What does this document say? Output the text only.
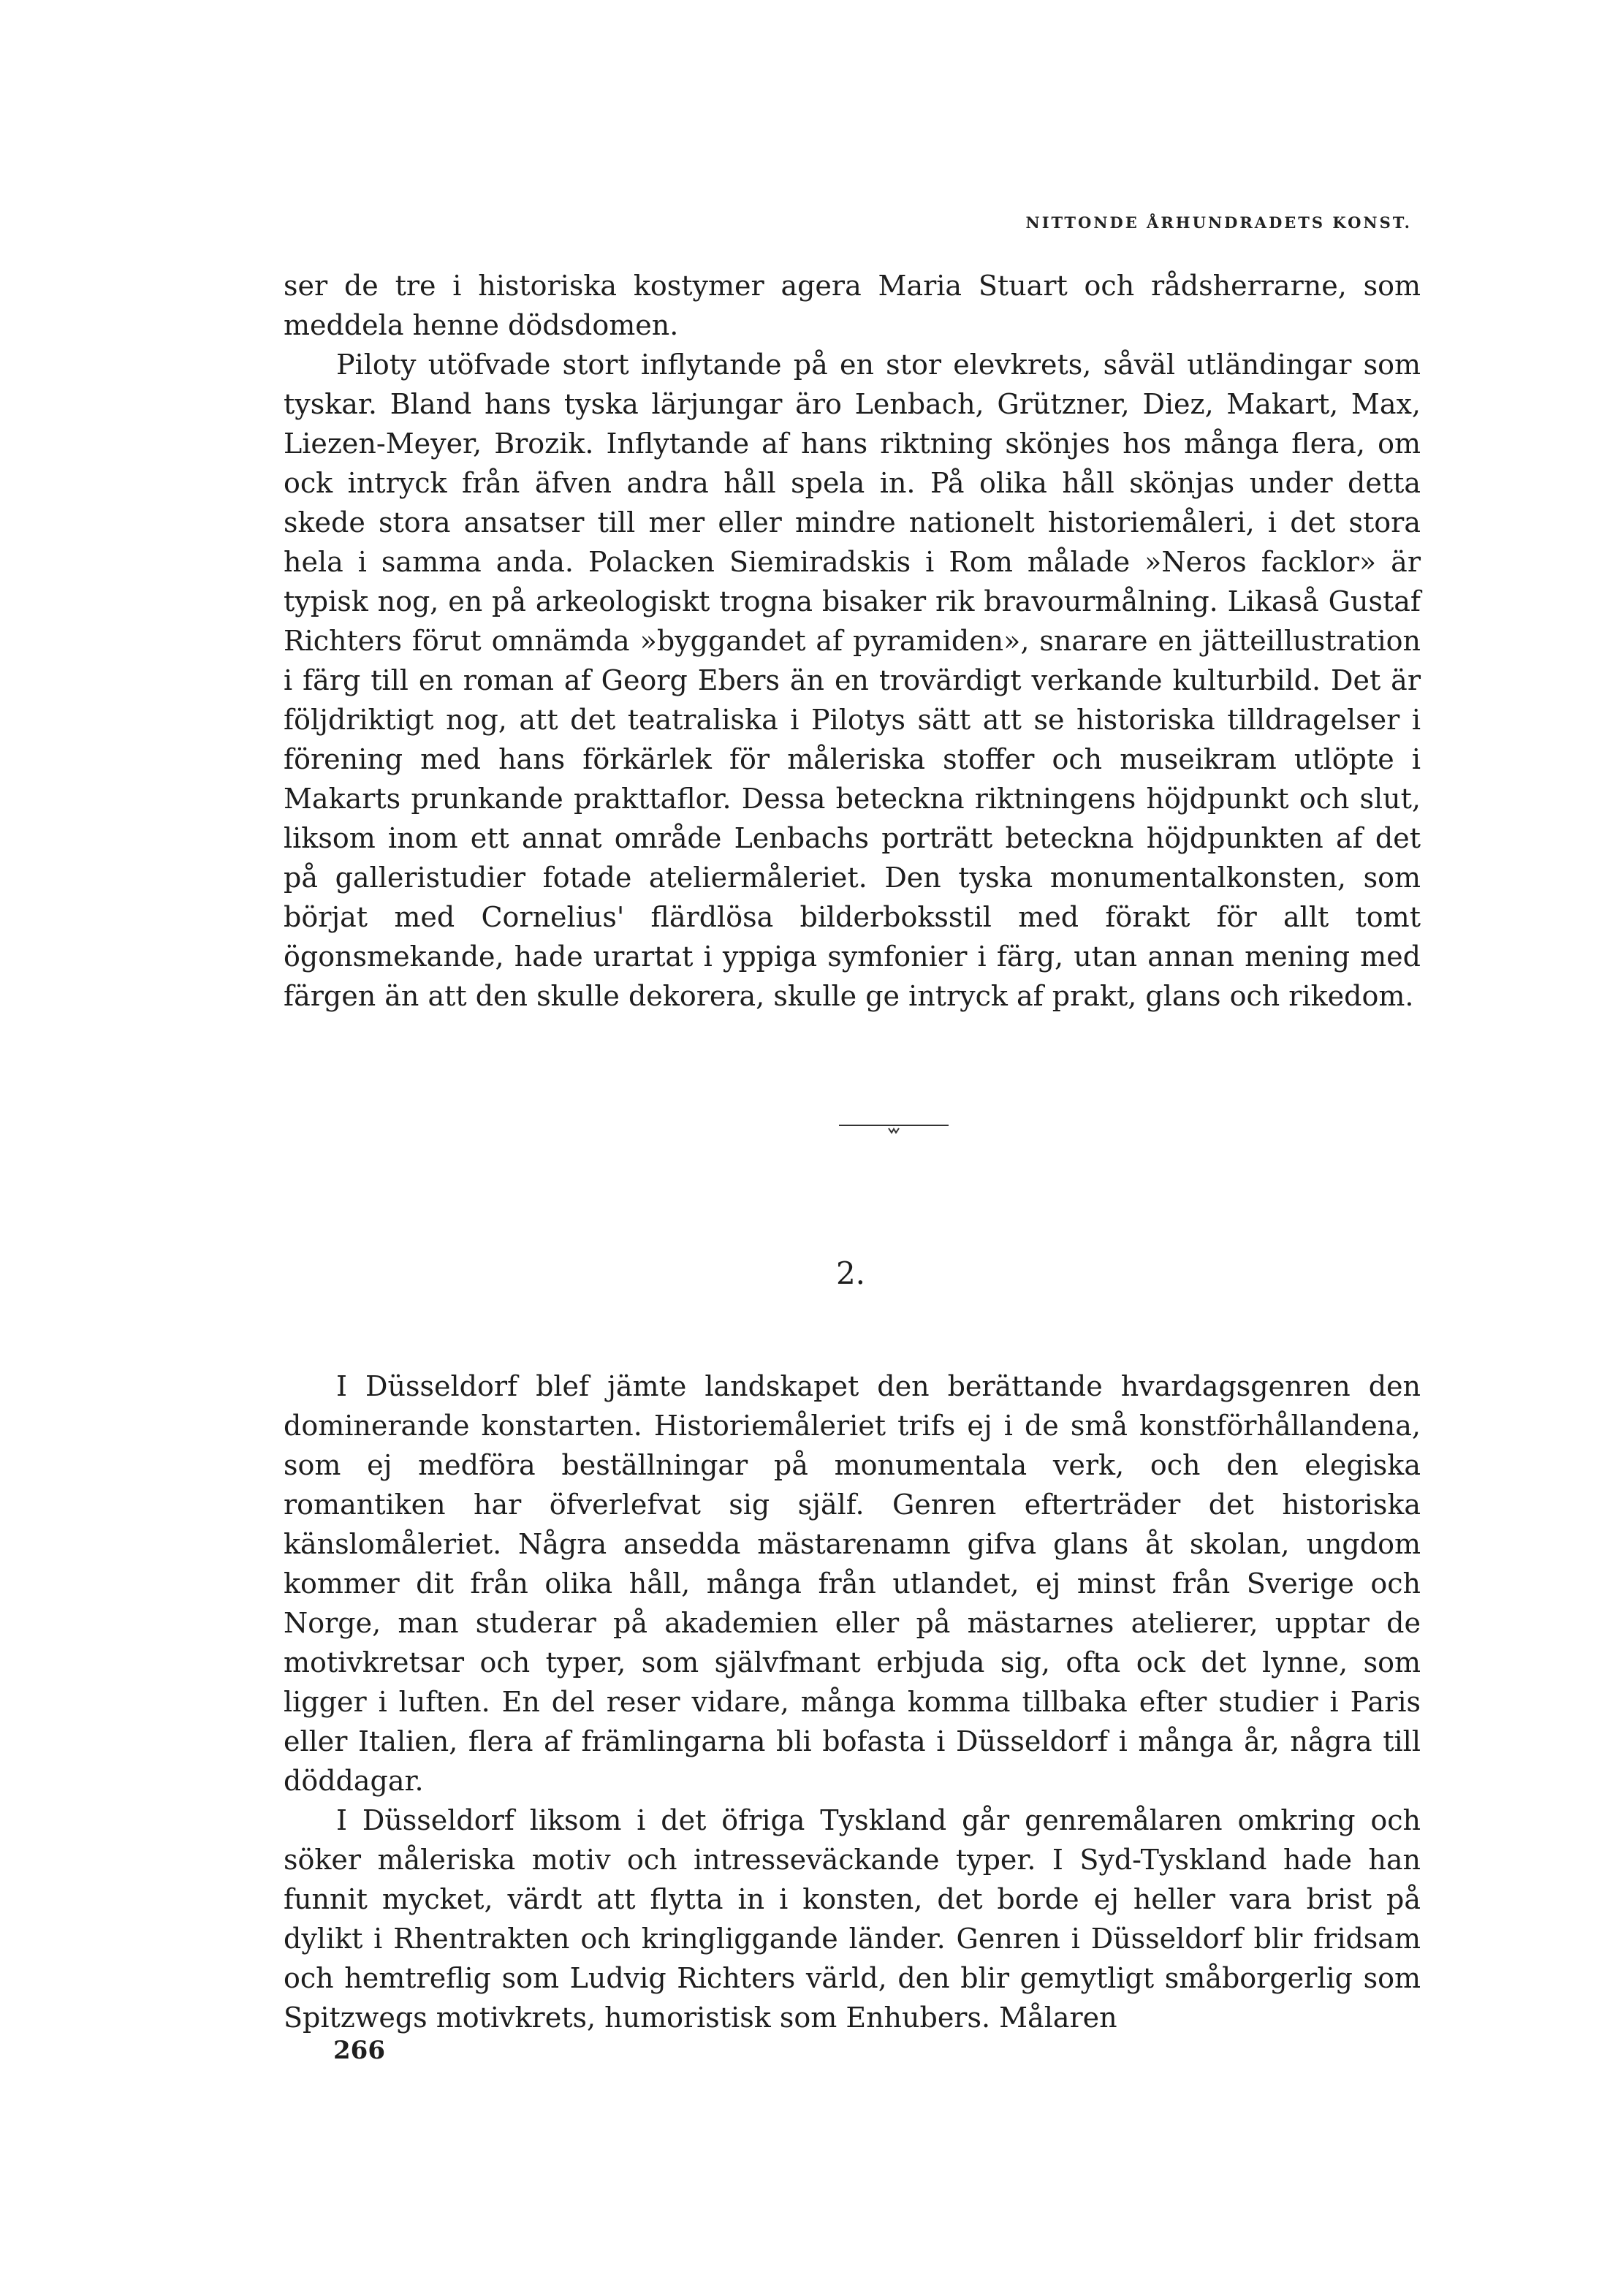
NITTONDE ÅRHUNDRADETS KONST.

ser de tre i historiska kostymer agera Maria Stuart och rådsherrarne, som meddela henne dödsdomen.

Piloty utöfvade stort inflytande på en stor elevkrets, såväl utländingar som tyskar. Bland hans tyska lärjungar äro Lenbach, Grützner, Diez, Makart, Max, Liezen-Meyer, Brozik. Inflytande af hans riktning skönjes hos många flera, om ock intryck från äfven andra håll spela in. På olika håll skönjas under detta skede stora ansatser till mer eller mindre nationelt historiemåleri, i det stora hela i samma anda. Polacken Siemiradskis i Rom målade »Neros facklor» är typisk nog, en på arkeologiskt trogna bisaker rik bravourmålning. Likaså Gustaf Richters förut omnämda »byggandet af pyramiden», snarare en jätteillustration i färg till en roman af Georg Ebers än en trovärdigt verkande kulturbild. Det är följdriktigt nog, att det teatraliska i Pilotys sätt att se historiska tilldragelser i förening med hans förkärlek för måleriska stoffer och museikram utlöpte i Makarts prunkande prakttaflor. Dessa beteckna riktningens höjdpunkt och slut, liksom inom ett annat område Lenbachs porträtt beteckna höjdpunkten af det på galleristudier fotade ateliermåleriet. Den tyska monumentalkonsten, som börjat med Cornelius' flärdlösa bilderboksstil med förakt för allt tomt ögonsmekande, hade urartat i yppiga symfonier i färg, utan annan mening med färgen än att den skulle dekorera, skulle ge intryck af prakt, glans och rikedom.

2.

I Düsseldorf blef jämte landskapet den berättande hvardagsgenren den dominerande konstarten. Historiemåleriet trifs ej i de små konstförhållandena, som ej medföra beställningar på monumentala verk, och den elegiska romantiken har öfverlefvat sig själf. Genren efterträder det historiska känslomåleriet. Några ansedda mästarenamn gifva glans åt skolan, ungdom kommer dit från olika håll, många från utlandet, ej minst från Sverige och Norge, man studerar på akademien eller på mästarnes atelierer, upptar de motivkretsar och typer, som självfmant erbjuda sig, ofta ock det lynne, som ligger i luften. En del reser vidare, många komma tillbaka efter studier i Paris eller Italien, flera af främlingarna bli bofasta i Düsseldorf i många år, några till döddagar.

I Düsseldorf liksom i det öfriga Tyskland går genremålaren omkring och söker måleriska motiv och intresseväckande typer. I Syd-Tyskland hade han funnit mycket, värdt att flytta in i konsten, det borde ej heller vara brist på dylikt i Rhentrakten och kringliggande länder. Genren i Düsseldorf blir fridsam och hemtreflig som Ludvig Richters värld, den blir gemytligt småborgerlig som Spitzwegs motivkrets, humoristisk som Enhubers. Målaren

266
